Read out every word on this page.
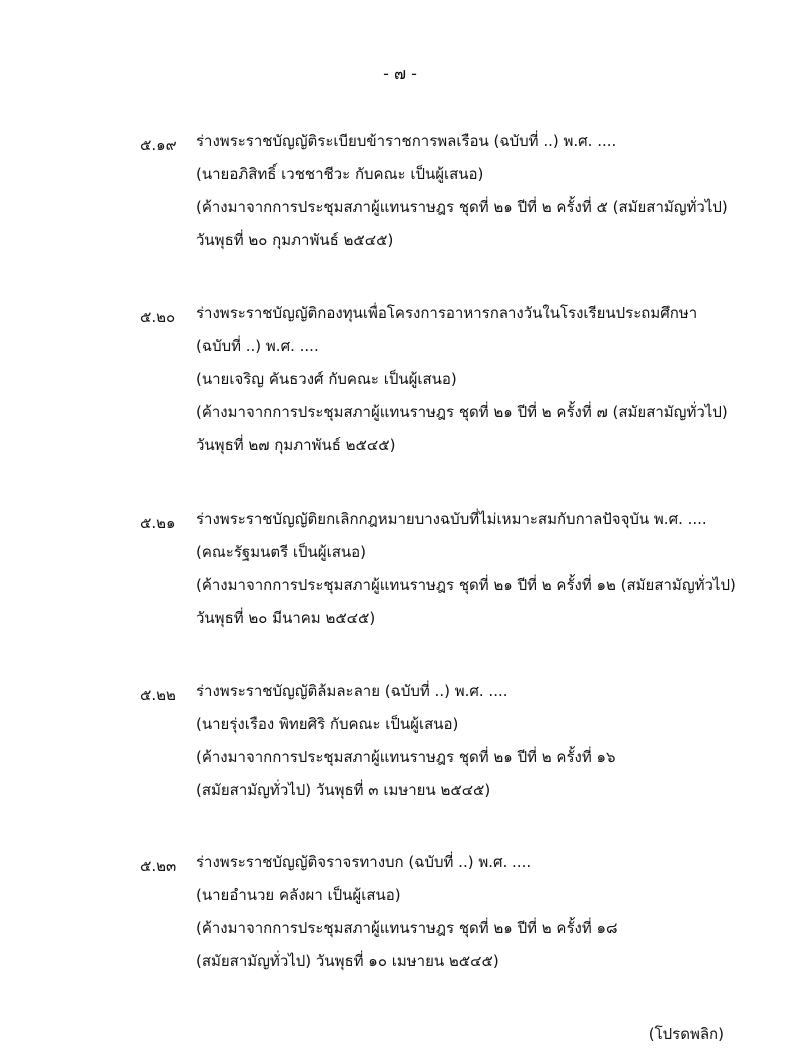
- ๗ -
๕.๑๙	ร่างพระราชบัญญัติระเบียบข้าราชการพลเรือน (ฉบับที่ ..) พ.ศ. ....
(นายอภิสิทธิ์ เวชชาชีวะ กับคณะ เป็นผู้เสนอ)
(ค้างมาจากการประชุมสภาผู้แทนราษฎร ชุดที่ ๒๑ ปีที่ ๒ ครั้งที่ ๕ (สมัยสามัญทั่วไป)
วันพุธที่ ๒๐ กุมภาพันธ์ ๒๕๔๕)
๕.๒๐	ร่างพระราชบัญญัติกองทุนเพื่อโครงการอาหารกลางวันในโรงเรียนประถมศึกษา
(ฉบับที่ ..) พ.ศ. ....
(นายเจริญ คันธวงศ์ กับคณะ เป็นผู้เสนอ)
(ค้างมาจากการประชุมสภาผู้แทนราษฎร ชุดที่ ๒๑ ปีที่ ๒ ครั้งที่ ๗ (สมัยสามัญทั่วไป)
วันพุธที่ ๒๗ กุมภาพันธ์ ๒๕๔๕)
๕.๒๑	ร่างพระราชบัญญัติยกเลิกกฎหมายบางฉบับที่ไม่เหมาะสมกับกาลปัจจุบัน พ.ศ. ....
(คณะรัฐมนตรี เป็นผู้เสนอ)
(ค้างมาจากการประชุมสภาผู้แทนราษฎร ชุดที่ ๒๑ ปีที่ ๒ ครั้งที่ ๑๒ (สมัยสามัญทั่วไป)
วันพุธที่ ๒๐ มีนาคม ๒๕๔๕)
๕.๒๒	ร่างพระราชบัญญัติล้มละลาย (ฉบับที่ ..) พ.ศ. ....
(นายรุ่งเรือง พิทยศิริ กับคณะ เป็นผู้เสนอ)
(ค้างมาจากการประชุมสภาผู้แทนราษฎร ชุดที่ ๒๑ ปีที่ ๒ ครั้งที่ ๑๖
(สมัยสามัญทั่วไป) วันพุธที่ ๓ เมษายน ๒๕๔๕)
๕.๒๓	ร่างพระราชบัญญัติจราจรทางบก (ฉบับที่ ..) พ.ศ. ....
(นายอำนวย คลังผา เป็นผู้เสนอ)
(ค้างมาจากการประชุมสภาผู้แทนราษฎร ชุดที่ ๒๑ ปีที่ ๒ ครั้งที่ ๑๘
(สมัยสามัญทั่วไป) วันพุธที่ ๑๐ เมษายน ๒๕๔๕)
(โปรดพลิก)
